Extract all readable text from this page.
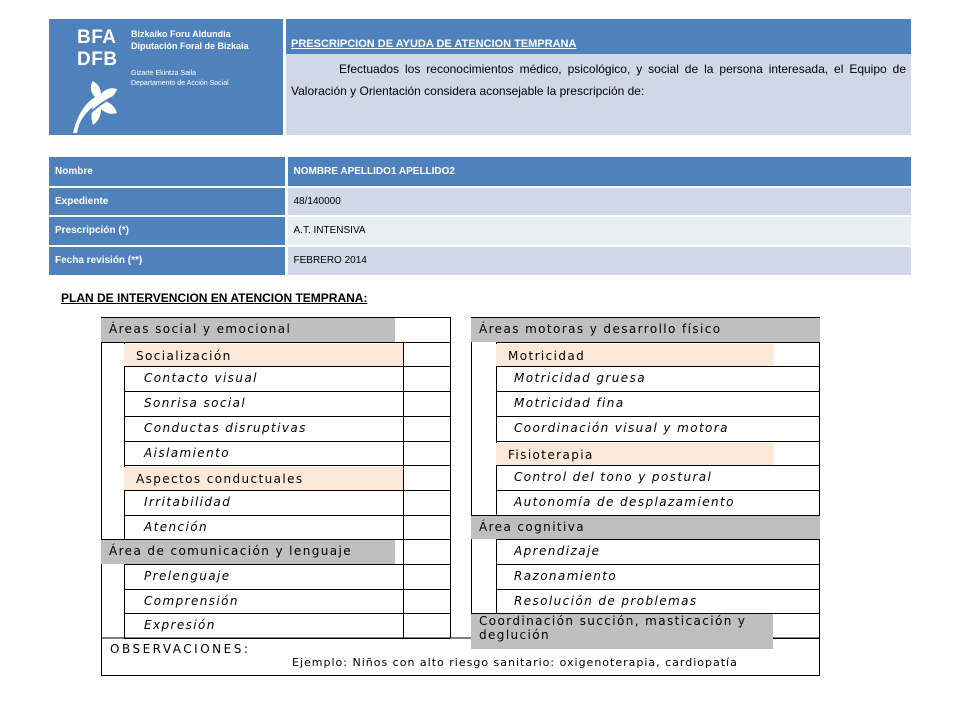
BFA
DFB
Bizkaiko Foru Aldundia
Diputación Foral de Bizkaia
Gizarte Ekintza Saila
Departamento de Acción Social
PRESCRIPCION DE AYUDA DE ATENCION TEMPRANA
Efectuados los reconocimientos médico, psicológico, y social de la persona interesada, el Equipo de Valoración y Orientación considera aconsejable la prescripción de:
Nombre	NOMBRE APELLIDO1 APELLIDO2
Expediente	48/140000
Prescripción (*)	A.T. INTENSIVA
Fecha revisión (**)	FEBRERO 2014
PLAN DE INTERVENCION EN ATENCION TEMPRANA:
Áreas social y emocional
Socialización
Contacto visual
Sonrisa social
Conductas disruptivas
Aislamiento
Aspectos conductuales
Irritabilidad
Atención
Área de comunicación y lenguaje
Prelenguaje
Comprensión
Expresión
Áreas motoras y desarrollo físico
Motricidad
Motricidad gruesa
Motricidad fina
Coordinación visual y motora
Fisioterapia
Control del tono y postural
Autonomía de desplazamiento
Área cognitiva
Aprendizaje
Razonamiento
Resolución de problemas
Coordinación succión, masticación y
deglución
OBSERVACIONES:
Ejemplo: Niños con alto riesgo sanitario: oxigenoterapia, cardiopatía
